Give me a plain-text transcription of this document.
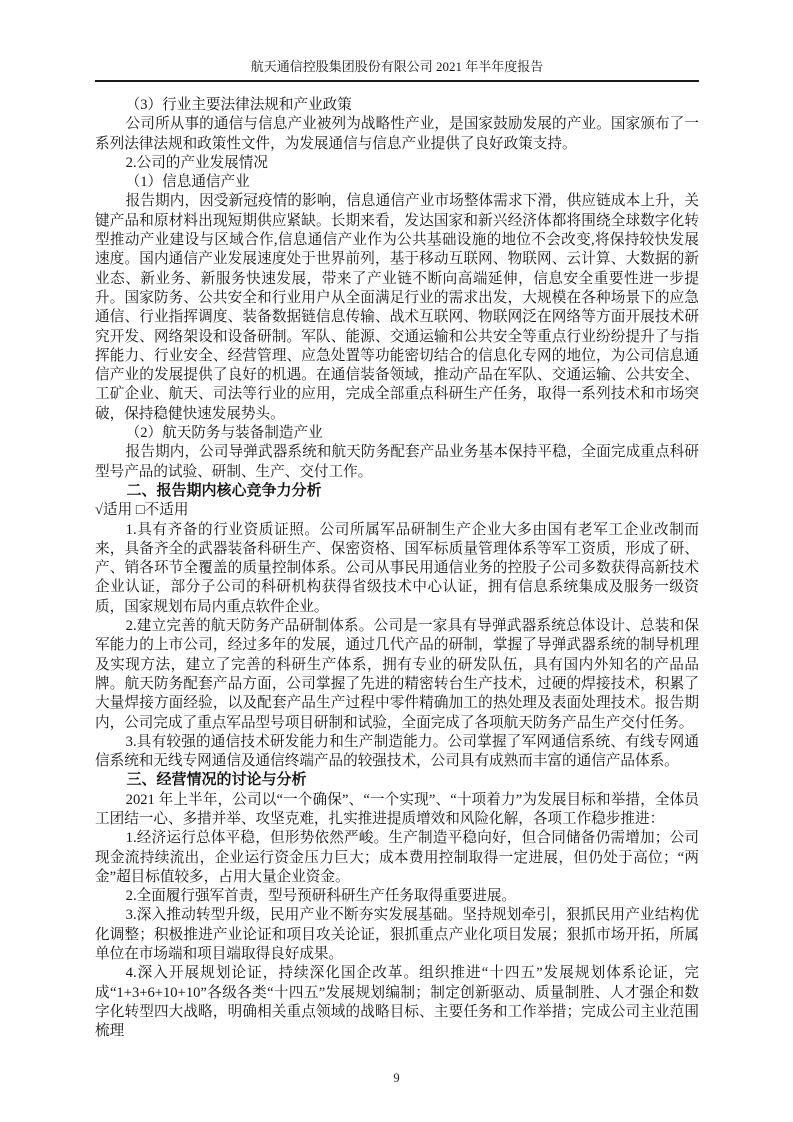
航天通信控股集团股份有限公司 2021 年半年度报告

（3）行业主要法律法规和产业政策

公司所从事的通信与信息产业被列为战略性产业，是国家鼓励发展的产业。国家颁布了一系列法律法规和政策性文件，为发展通信与信息产业提供了良好政策支持。

2.公司的产业发展情况

（1）信息通信产业

报告期内，因受新冠疫情的影响，信息通信产业市场整体需求下滑，供应链成本上升，关键产品和原材料出现短期供应紧缺。长期来看，发达国家和新兴经济体都将围绕全球数字化转型推动产业建设与区域合作,信息通信产业作为公共基础设施的地位不会改变,将保持较快发展速度。国内通信产业发展速度处于世界前列，基于移动互联网、物联网、云计算、大数据的新业态、新业务、新服务快速发展，带来了产业链不断向高端延伸，信息安全重要性进一步提升。国家防务、公共安全和行业用户从全面满足行业的需求出发，大规模在各种场景下的应急通信、行业指挥调度、装备数据链信息传输、战术互联网、物联网泛在网络等方面开展技术研究开发、网络架设和设备研制。军队、能源、交通运输和公共安全等重点行业纷纷提升了与指挥能力、行业安全、经营管理、应急处置等功能密切结合的信息化专网的地位，为公司信息通信产业的发展提供了良好的机遇。在通信装备领域，推动产品在军队、交通运输、公共安全、工矿企业、航天、司法等行业的应用，完成全部重点科研生产任务，取得一系列技术和市场突破，保持稳健快速发展势头。

（2）航天防务与装备制造产业

报告期内，公司导弹武器系统和航天防务配套产品业务基本保持平稳，全面完成重点科研型号产品的试验、研制、生产、交付工作。

二、报告期内核心竞争力分析

√适用 □不适用

1.具有齐备的行业资质证照。公司所属军品研制生产企业大多由国有老军工企业改制而来，具备齐全的武器装备科研生产、保密资格、国军标质量管理体系等军工资质，形成了研、产、销各环节全覆盖的质量控制体系。公司从事民用通信业务的控股子公司多数获得高新技术企业认证，部分子公司的科研机构获得省级技术中心认证，拥有信息系统集成及服务一级资质，国家规划布局内重点软件企业。

2.建立完善的航天防务产品研制体系。公司是一家具有导弹武器系统总体设计、总装和保军能力的上市公司，经过多年的发展，通过几代产品的研制，掌握了导弹武器系统的制导机理及实现方法，建立了完善的科研生产体系，拥有专业的研发队伍，具有国内外知名的产品品牌。航天防务配套产品方面，公司掌握了先进的精密转台生产技术，过硬的焊接技术，积累了大量焊接方面经验，以及配套产品生产过程中零件精确加工的热处理及表面处理技术。报告期内，公司完成了重点军品型号项目研制和试验，全面完成了各项航天防务产品生产交付任务。

3.具有较强的通信技术研发能力和生产制造能力。公司掌握了军网通信系统、有线专网通信系统和无线专网通信及通信终端产品的较强技术，公司具有成熟而丰富的通信产品体系。

三、经营情况的讨论与分析

2021 年上半年，公司以“一个确保”、“一个实现”、“十项着力”为发展目标和举措，全体员工团结一心、多措并举、攻坚克难，扎实推进提质增效和风险化解，各项工作稳步推进：

1.经济运行总体平稳，但形势依然严峻。生产制造平稳向好，但合同储备仍需增加；公司现金流持续流出，企业运行资金压力巨大；成本费用控制取得一定进展，但仍处于高位；“两金”超目标值较多，占用大量企业资金。

2.全面履行强军首责，型号预研科研生产任务取得重要进展。

3.深入推动转型升级，民用产业不断夯实发展基础。坚持规划牵引，狠抓民用产业结构优化调整；积极推进产业论证和项目攻关论证，狠抓重点产业化项目发展；狠抓市场开拓，所属单位在市场端和项目端取得良好成果。

4.深入开展规划论证，持续深化国企改革。组织推进“十四五”发展规划体系论证，完成“1+3+6+10+10”各级各类“十四五”发展规划编制；制定创新驱动、质量制胜、人才强企和数字化转型四大战略，明确相关重点领域的战略目标、主要任务和工作举措；完成公司主业范围梳理

9
